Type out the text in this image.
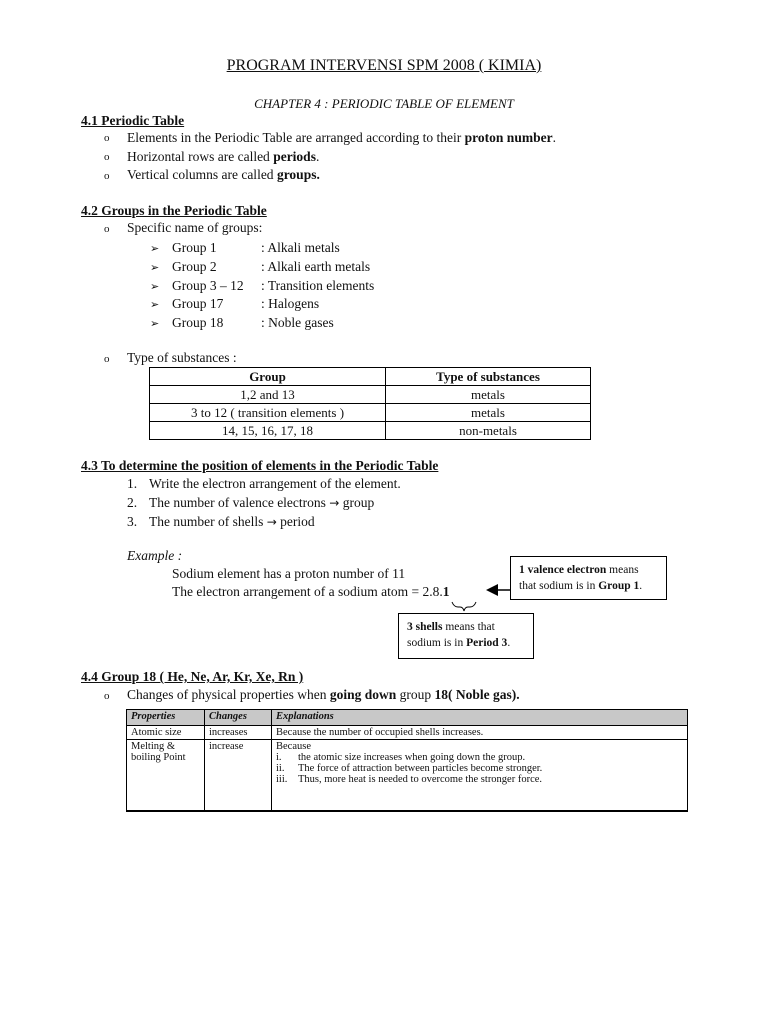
PROGRAM INTERVENSI SPM 2008 ( KIMIA)
CHAPTER 4 : PERIODIC TABLE OF ELEMENT
4.1 Periodic Table
o	Elements in the Periodic Table are arranged according to their proton number.
o	Horizontal rows are called periods.
o	Vertical columns are called groups.
4.2 Groups in the Periodic Table
o	Specific name of groups:
➢ Group 1	: Alkali metals
➢ Group 2	: Alkali earth metals
➢ Group 3 – 12 : Transition elements
➢ Group 17	: Halogens
➢ Group 18	: Noble gases
o	Type of substances :
Group	Type of substances
1,2 and 13	metals
3 to 12 ( transition elements )	metals
14, 15, 16, 17, 18	non-metals
4.3 To determine the position of elements in the Periodic Table
1. Write the electron arrangement of the element.
2. The number of valence electrons → group
3. The number of shells → period
Example :
Sodium element has a proton number of 11
The electron arrangement of a sodium atom = 2.8.1
1 valence electron means that sodium is in Group 1.
3 shells means that sodium is in Period 3.
4.4 Group 18 ( He, Ne, Ar, Kr, Xe, Rn )
o	Changes of physical properties when going down group 18( Noble gas).
Properties	Changes	Explanations
Atomic size	increases	Because the number of occupied shells increases.
Melting & boiling Point	increase	Because
i. the atomic size increases when going down the group.
ii. The force of attraction between particles become stronger.
iii. Thus, more heat is needed to overcome the stronger force.
